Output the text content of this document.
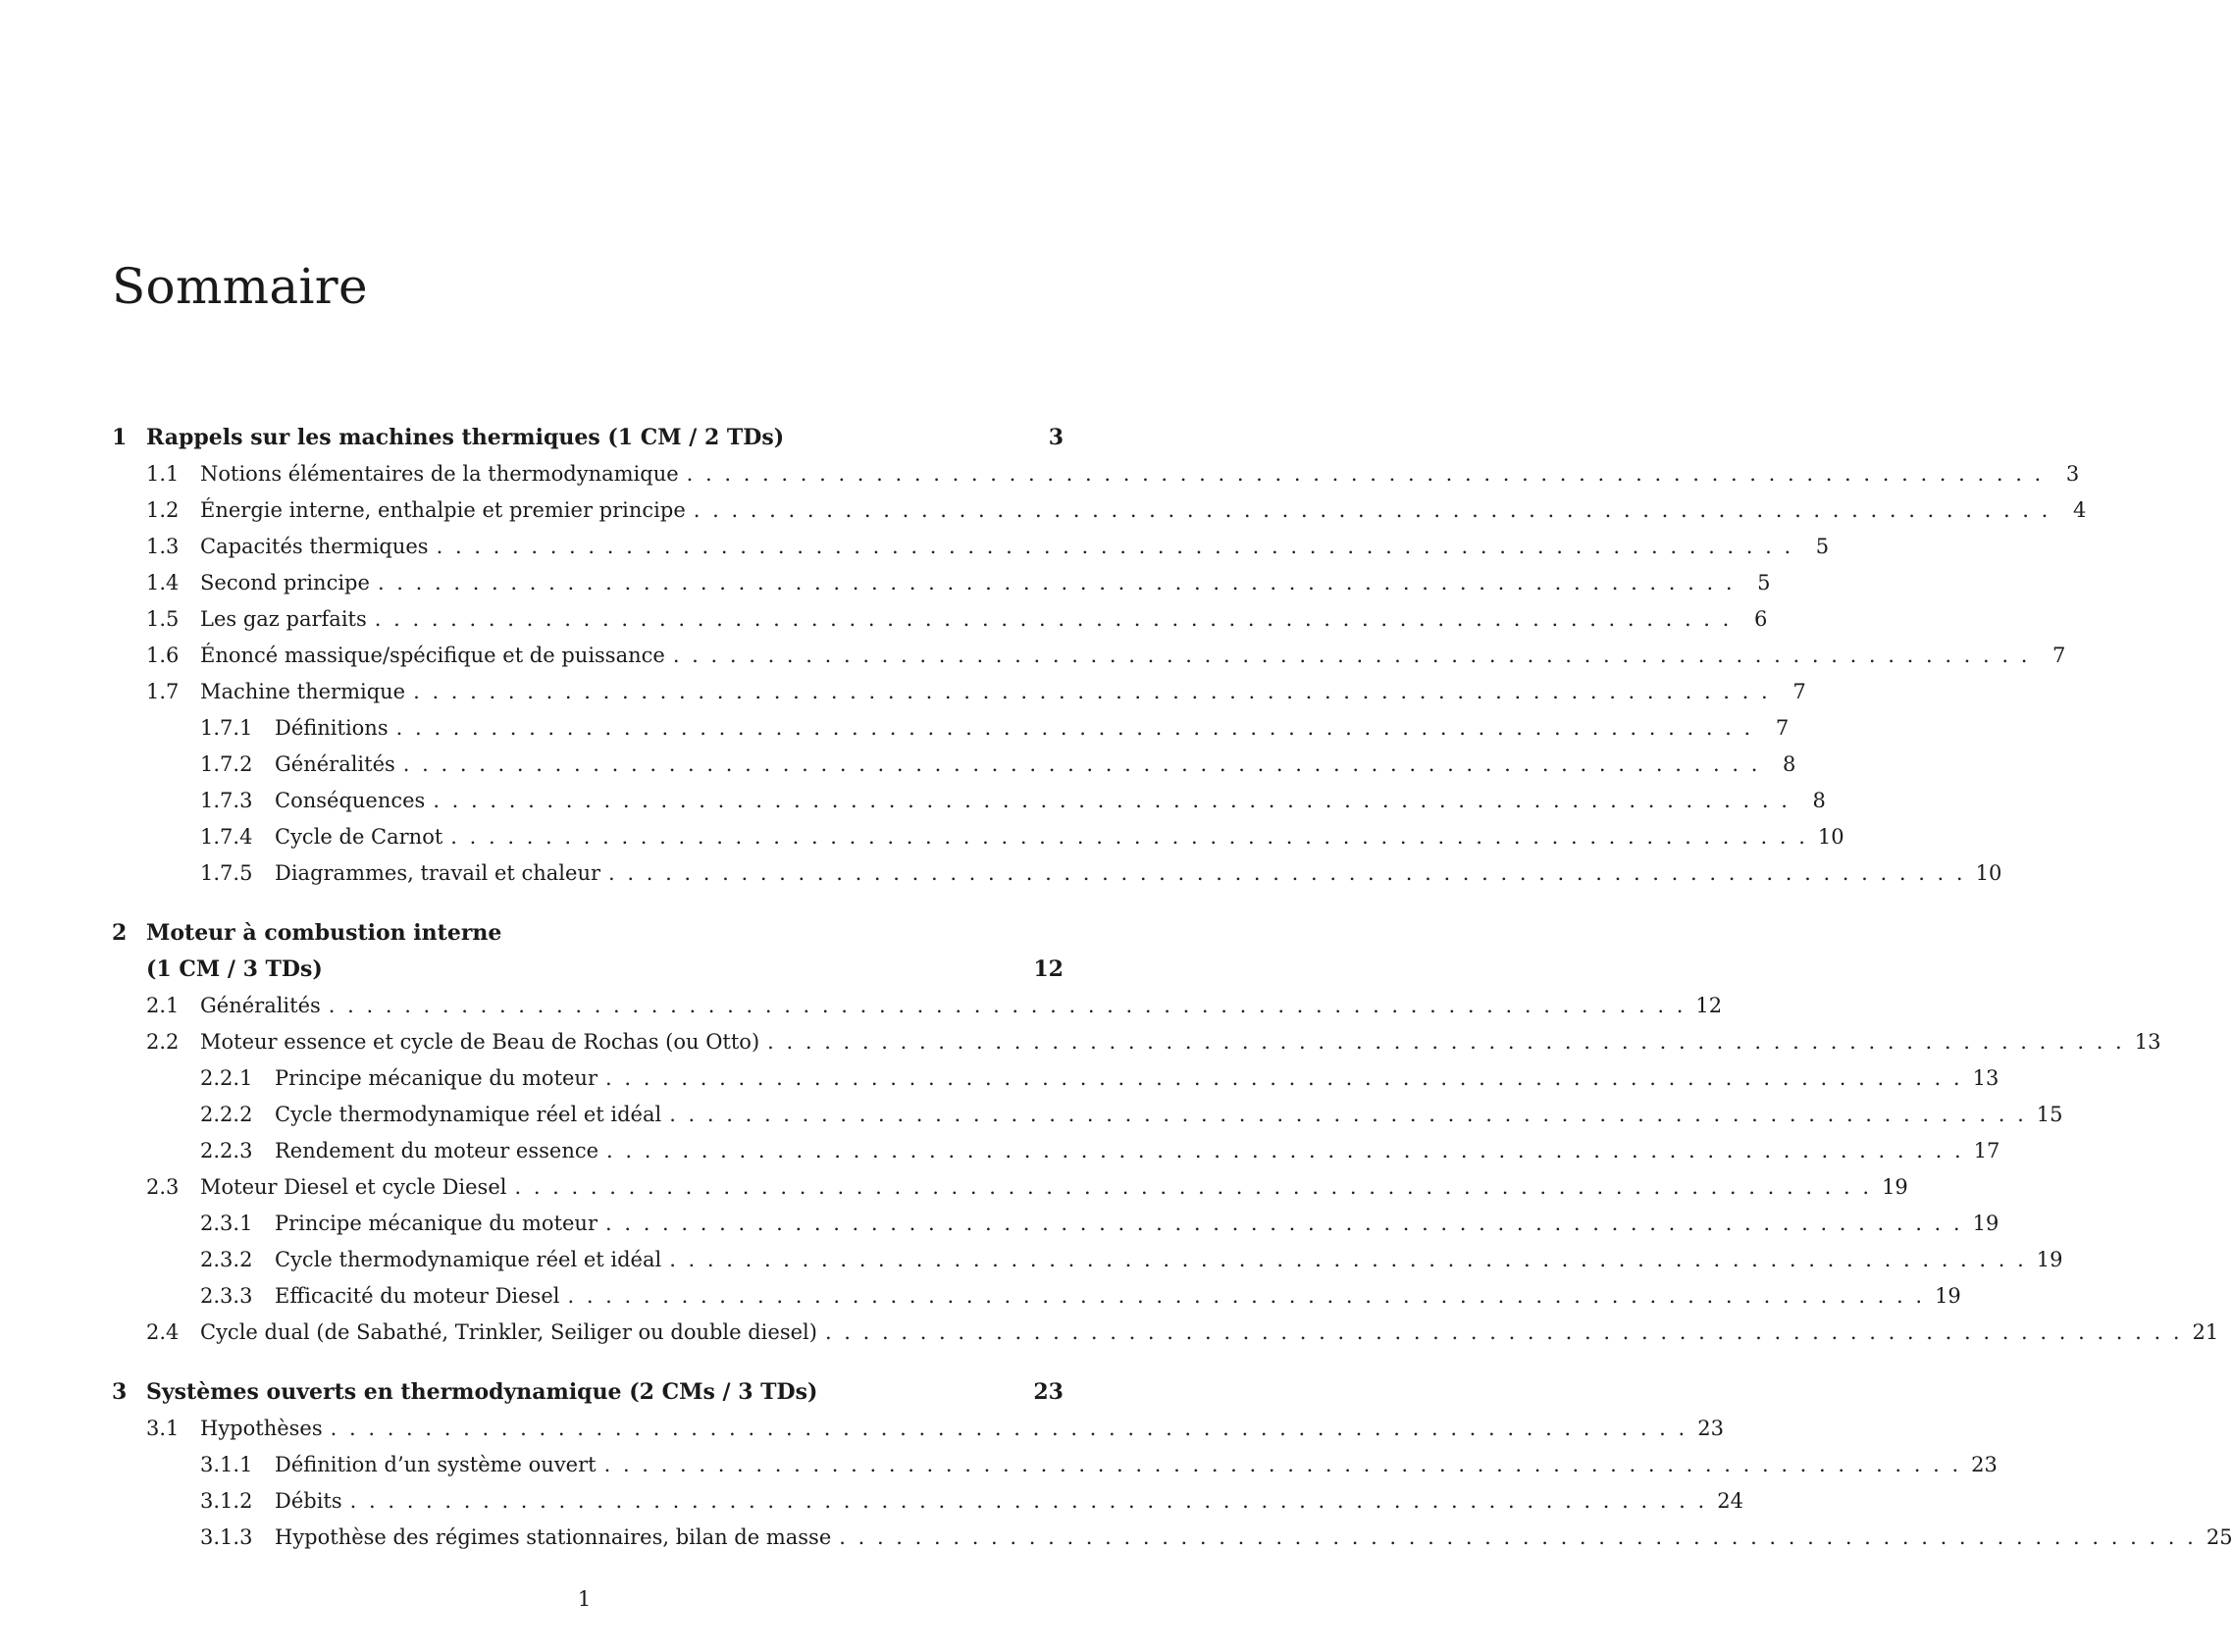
Sommaire
1 Rappels sur les machines thermiques (1 CM / 2 TDs)	3
1.1	Notions élémentaires de la thermodynamique . . .	3
1.2	Énergie interne, enthalpie et premier principe . . .	4
1.3	Capacités thermiques . . .	5
1.4	Second principe . . .	5
1.5	Les gaz parfaits . . .	6
1.6	Énoncé massique/spécifique et de puissance . . .	7
1.7	Machine thermique . . .	7
1.7.1	Définitions . . .	7
1.7.2	Généralités . . .	8
1.7.3	Conséquences . . .	8
1.7.4	Cycle de Carnot . . .	10
1.7.5	Diagrammes, travail et chaleur . . .	10
2 Moteur à combustion interne
(1 CM / 3 TDs)	12
2.1	Généralités . . .	12
2.2	Moteur essence et cycle de Beau de Rochas (ou Otto) . . .	13
2.2.1	Principe mécanique du moteur . . .	13
2.2.2	Cycle thermodynamique réel et idéal . . .	15
2.2.3	Rendement du moteur essence . . .	17
2.3	Moteur Diesel et cycle Diesel . . .	19
2.3.1	Principe mécanique du moteur . . .	19
2.3.2	Cycle thermodynamique réel et idéal . . .	19
2.3.3	Efficacité du moteur Diesel . . .	19
2.4	Cycle dual (de Sabathé, Trinkler, Seiliger ou double diesel) . . .	21
3 Systèmes ouverts en thermodynamique (2 CMs / 3 TDs)	23
3.1	Hypothèses . . .	23
3.1.1	Définition d’un système ouvert . . .	23
3.1.2	Débits . . .	24
3.1.3	Hypothèse des régimes stationnaires, bilan de masse . . .	25
1
